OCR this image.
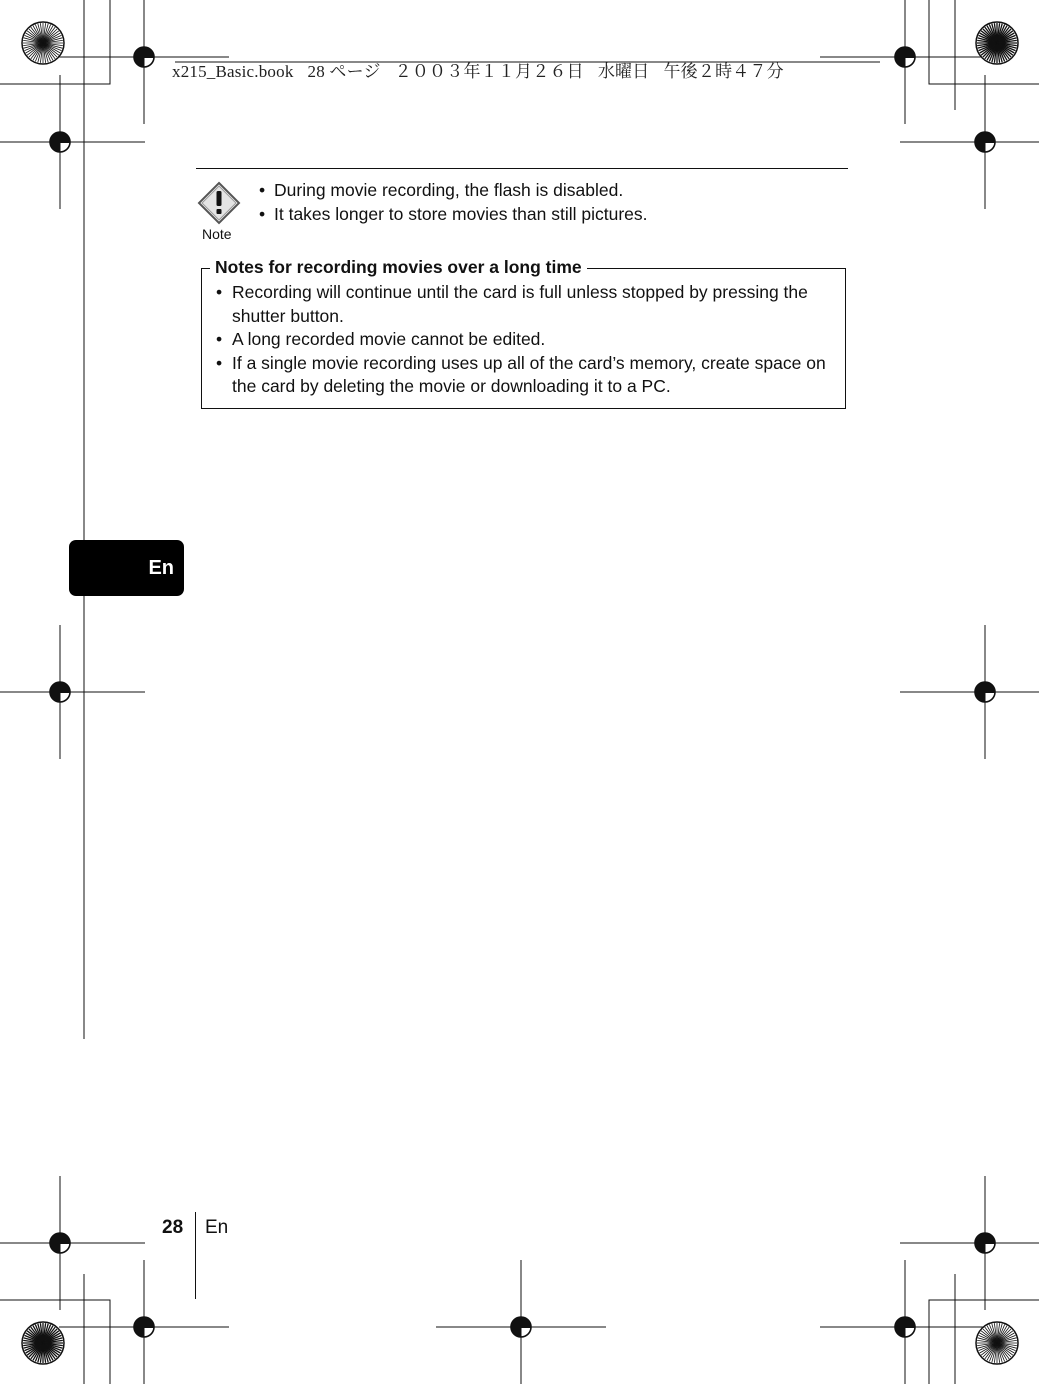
x215_Basic.book 28 ページ ２００３年１１月２６日 水曜日 午後２時４７分
Note
• During movie recording, the flash is disabled.
• It takes longer to store movies than still pictures.
Notes for recording movies over a long time
• Recording will continue until the card is full unless stopped by pressing the shutter button.
• A long recorded movie cannot be edited.
• If a single movie recording uses up all of the card’s memory, create space on the card by deleting the movie or downloading it to a PC.
En
28 En
